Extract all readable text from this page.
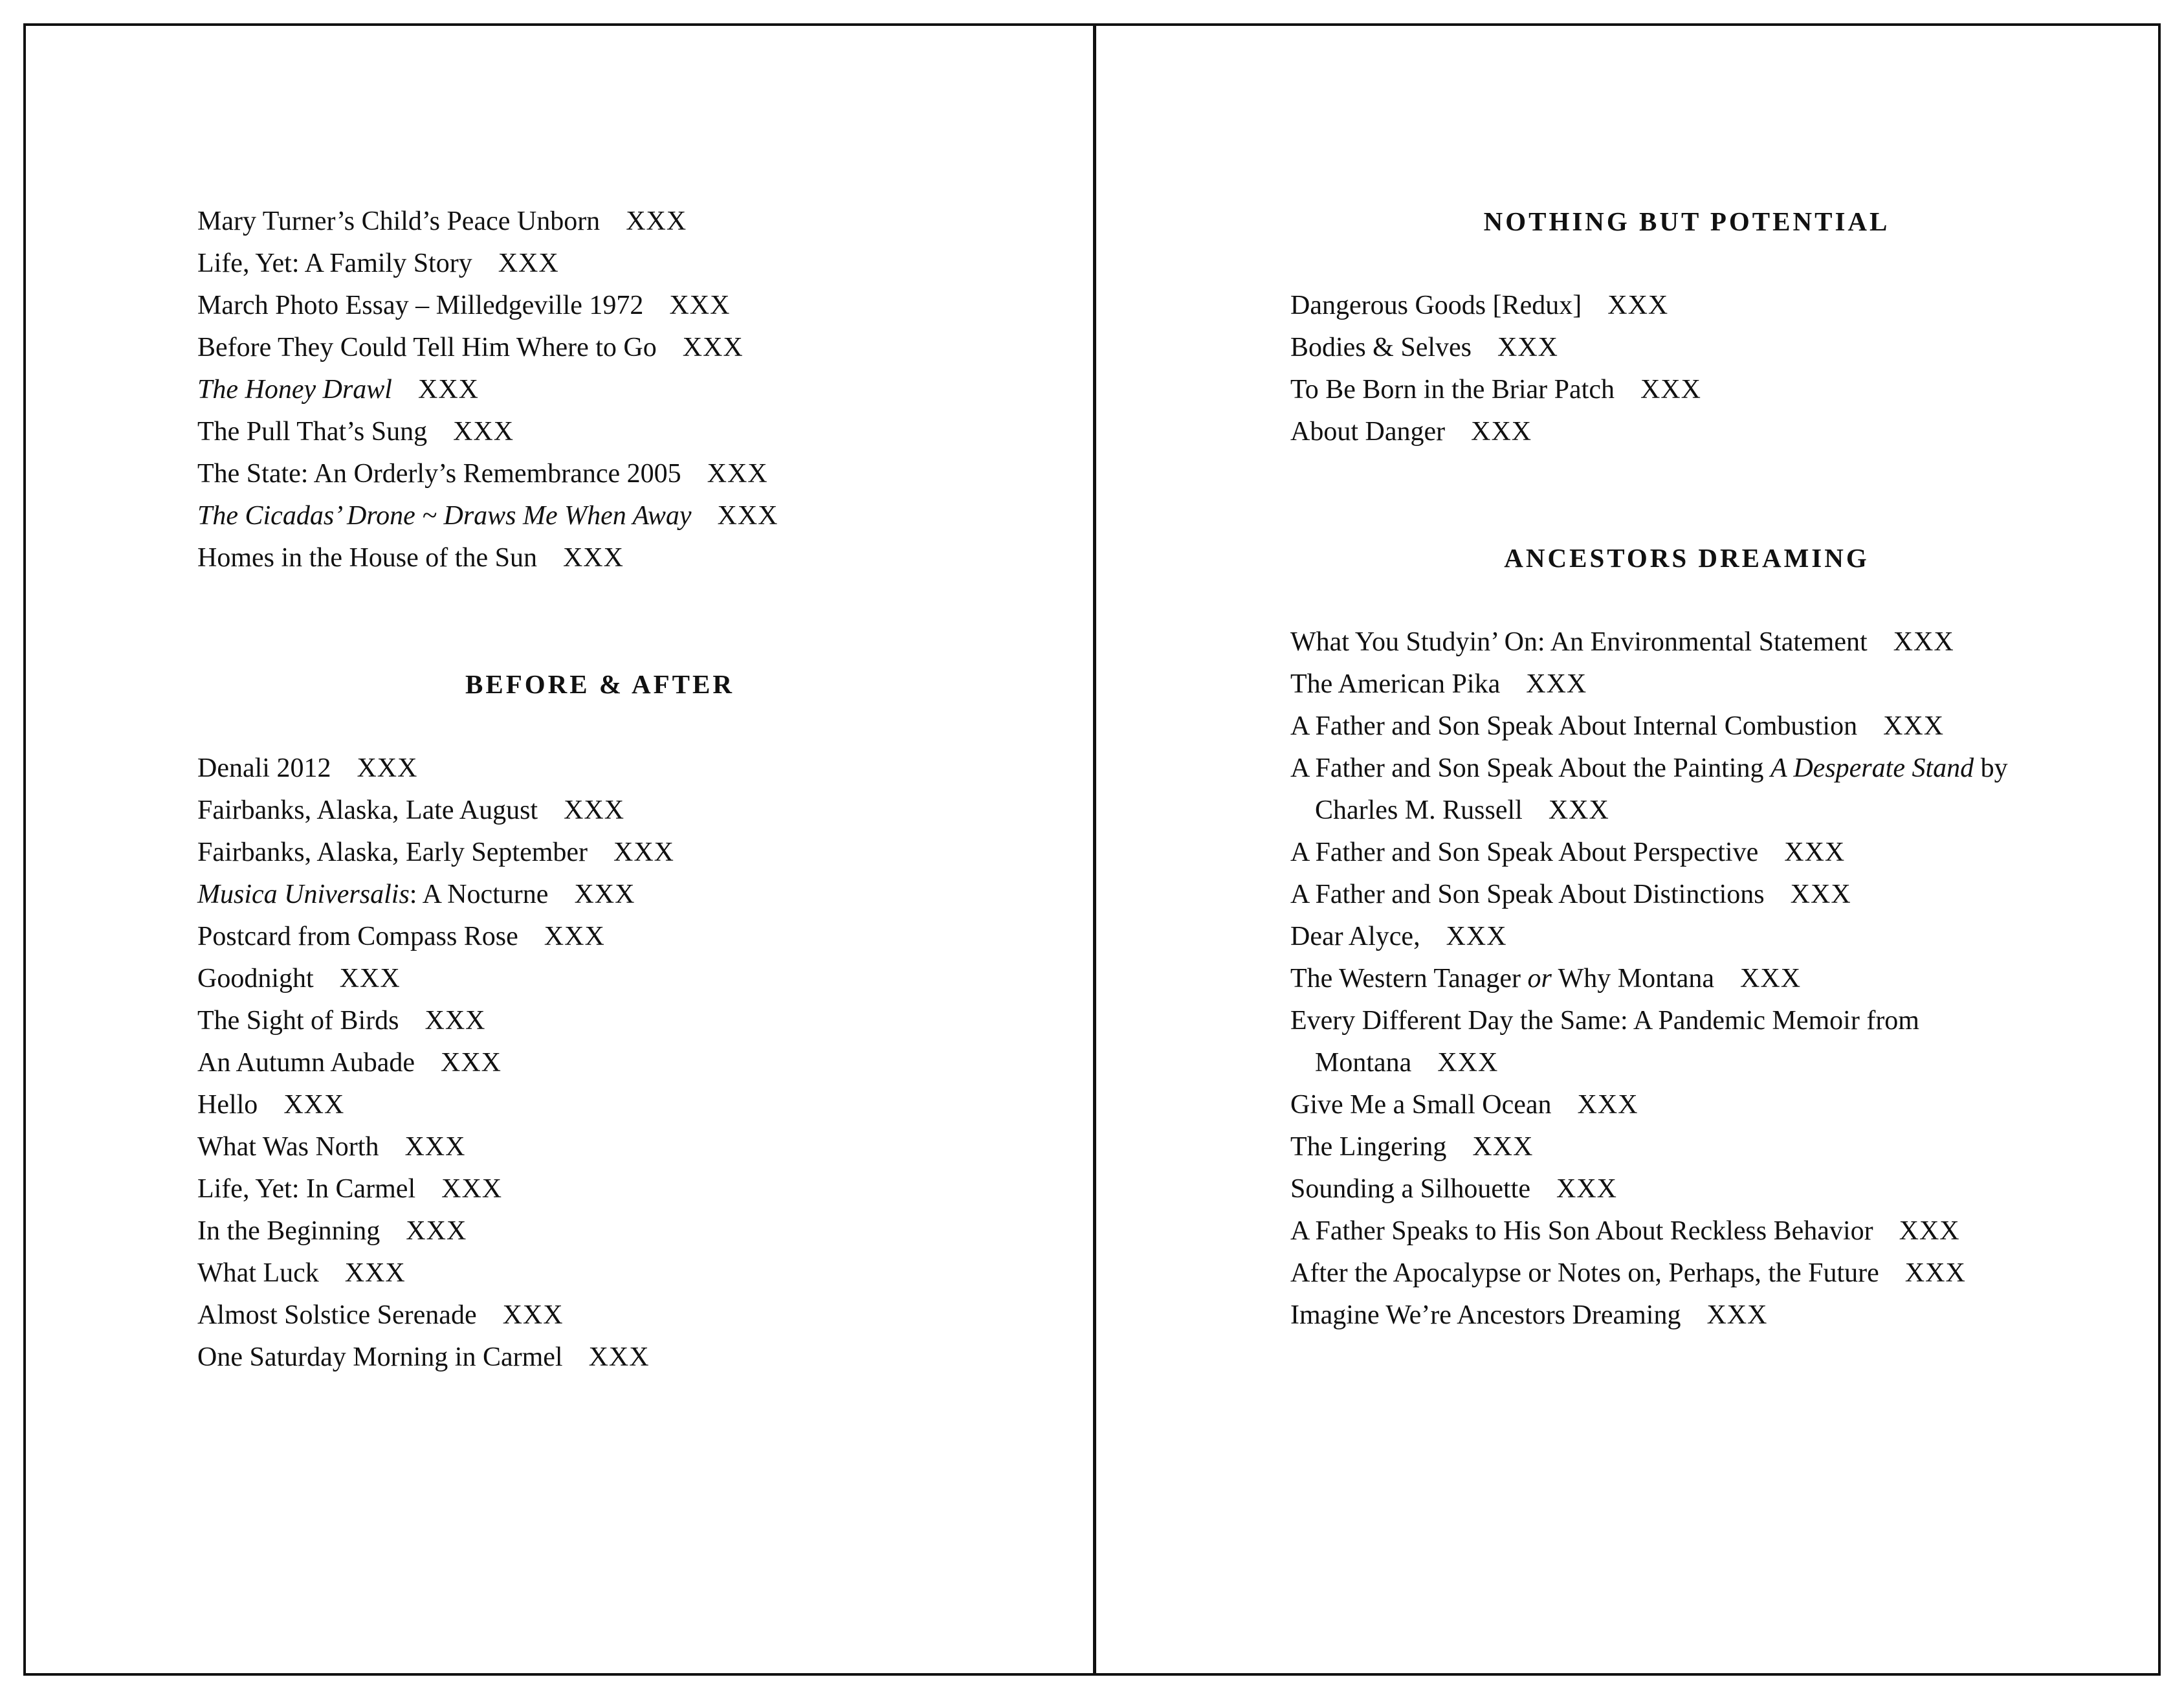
Mary Turner’s Child’s Peace Unborn XXX
Life, Yet: A Family Story XXX
March Photo Essay – Milledgeville 1972 XXX
Before They Could Tell Him Where to Go XXX
The Honey Drawl XXX
The Pull That’s Sung XXX
The State: An Orderly’s Remembrance 2005 XXX
The Cicadas’ Drone ~ Draws Me When Away XXX
Homes in the House of the Sun XXX
BEFORE & AFTER
Denali 2012 XXX
Fairbanks, Alaska, Late August XXX
Fairbanks, Alaska, Early September XXX
Musica Universalis: A Nocturne XXX
Postcard from Compass Rose XXX
Goodnight XXX
The Sight of Birds XXX
An Autumn Aubade XXX
Hello XXX
What Was North XXX
Life, Yet: In Carmel XXX
In the Beginning XXX
What Luck XXX
Almost Solstice Serenade XXX
One Saturday Morning in Carmel XXX
NOTHING BUT POTENTIAL
Dangerous Goods [Redux] XXX
Bodies & Selves XXX
To Be Born in the Briar Patch XXX
About Danger XXX
ANCESTORS DREAMING
What You Studyin’ On: An Environmental Statement XXX
The American Pika XXX
A Father and Son Speak About Internal Combustion XXX
A Father and Son Speak About the Painting A Desperate Stand by Charles M. Russell XXX
A Father and Son Speak About Perspective XXX
A Father and Son Speak About Distinctions XXX
Dear Alyce, XXX
The Western Tanager or Why Montana XXX
Every Different Day the Same: A Pandemic Memoir from Montana XXX
Give Me a Small Ocean XXX
The Lingering XXX
Sounding a Silhouette XXX
A Father Speaks to His Son About Reckless Behavior XXX
After the Apocalypse or Notes on, Perhaps, the Future XXX
Imagine We’re Ancestors Dreaming XXX
